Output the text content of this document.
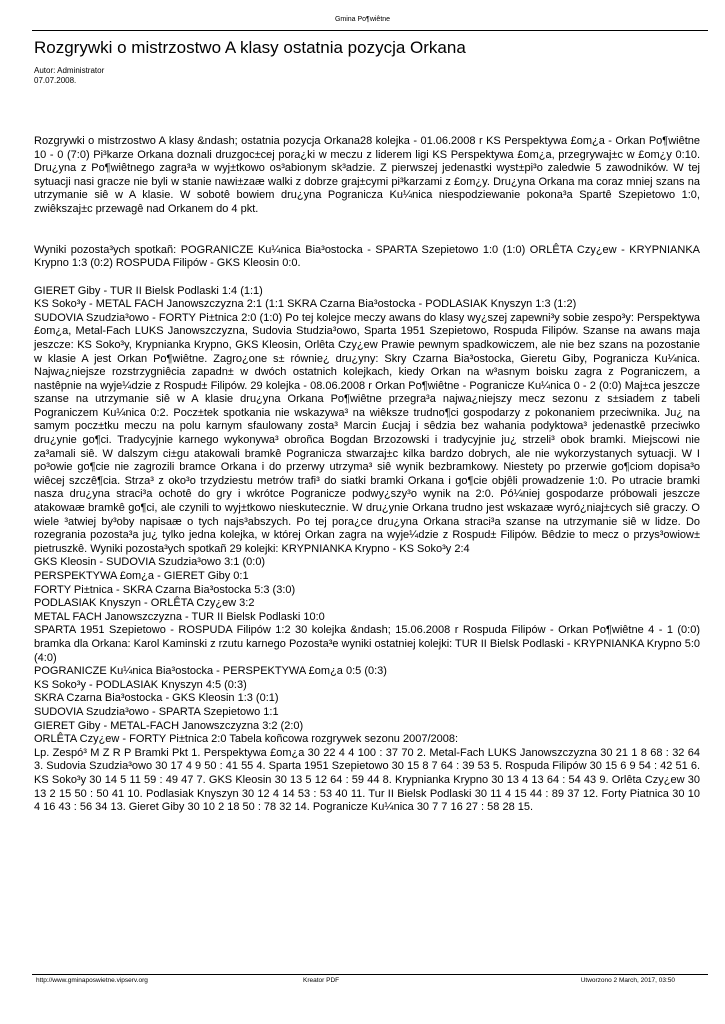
Gmina Po¶wiêtne
Rozgrywki o mistrzostwo A klasy ostatnia pozycja Orkana
Autor: Administrator
07.07.2008.

Rozgrywki o mistrzostwo A klasy &ndash; ostatnia pozycja Orkana28 kolejka - 01.06.2008 r KS Perspektywa £om¿a - Orkan Po¶wiêtne 10 - 0 (7:0) Pi³karze Orkana doznali druzgoc±cej pora¿ki w meczu z liderem ligi KS Perspektywa £om¿a, przegrywaj±c w £om¿y 0:10. Dru¿yna z Po¶wiêtnego zagra³a w wyj±tkowo os³abionym sk³adzie. Z pierwszej jedenastki wyst±pi³o zaledwie 5 zawodników. W tej sytuacji nasi gracze nie byli w stanie nawi±zaæ walki z dobrze graj±cymi pi³karzami z £om¿y. Dru¿yna Orkana ma coraz mniej szans na utrzymanie siê w A klasie. W sobotê bowiem dru¿yna Pogranicza Ku¼nica niespodziewanie pokona³a Spartê Szepietowo 1:0, zwiêkszaj±c przewagê nad Orkanem do 4 pkt.

Wyniki pozosta³ych spotkañ: POGRANICZE Ku¼nica Bia³ostocka - SPARTA Szepietowo 1:0 (1:0) ORLÊTA Czy¿ew - KRYPNIANKA Krypno 1:3 (0:2) ROSPUDA Filipów - GKS Kleosin 0:0.

GIERET Giby - TUR II Bielsk Podlaski 1:4 (1:1)

KS Soko³y - METAL FACH Janowszczyzna 2:1 (1:1 SKRA Czarna Bia³ostocka - PODLASIAK Knyszyn 1:3 (1:2)

SUDOVIA Szudzia³owo - FORTY Pi±tnica 2:0 (1:0) Po tej kolejce meczy awans do klasy wy¿szej zapewni³y sobie zespo³y: Perspektywa £om¿a, Metal-Fach LUKS Janowszczyzna, Sudovia Studzia³owo, Sparta 1951 Szepietowo, Rospuda Filipów. Szanse na awans maja jeszcze: KS Soko³y, Krypnianka Krypno, GKS Kleosin, Orlêta Czy¿ew Prawie pewnym spadkowiczem, ale nie bez szans na pozostanie w klasie A jest Orkan Po¶wiêtne. Zagro¿one s± równie¿ dru¿yny: Skry Czarna Bia³ostocka, Gieretu Giby, Pogranicza Ku¼nica. Najwa¿niejsze rozstrzygniêcia zapadn± w dwóch ostatnich kolejkach, kiedy Orkan na w³asnym boisku zagra z Pograniczem, a nastêpnie na wyje¼dzie z Rospud± Filipów. 29 kolejka - 08.06.2008 r Orkan Po¶wiêtne - Pogranicze Ku¼nica 0 - 2 (0:0) Maj±ca jeszcze szanse na utrzymanie siê w A klasie dru¿yna Orkana Po¶wiêtne przegra³a najwa¿niejszy mecz sezonu z s±siadem z tabeli Pograniczem Ku¼nica 0:2. Pocz±tek spotkania nie wskazywa³ na wiêksze trudno¶ci gospodarzy z pokonaniem przeciwnika. Ju¿ na samym pocz±tku meczu na polu karnym sfaulowany zosta³ Marcin £ucjaj i sêdzia bez wahania podyktowa³ jedenastkê przeciwko dru¿ynie go¶ci. Tradycyjnie karnego wykonywa³ obroñca Bogdan Brzozowski i tradycyjnie ju¿ strzeli³ obok bramki. Miejscowi nie za³amali siê. W dalszym ci±gu atakowali bramkê Pogranicza stwarzaj±c kilka bardzo dobrych, ale nie wykorzystanych sytuacji. W I po³owie go¶cie nie zagrozili bramce Orkana i do przerwy utrzyma³ siê wynik bezbramkowy. Niestety po przerwie go¶ciom dopisa³o wiêcej szczê¶cia. Strza³ z oko³o trzydziestu metrów trafi³ do siatki bramki Orkana i go¶cie objêli prowadzenie 1:0. Po utracie bramki nasza dru¿yna straci³a ochotê do gry i wkrótce Pogranicze podwy¿szy³o wynik na 2:0. Pó¼niej gospodarze próbowali jeszcze atakowaæ bramkê go¶ci, ale czynili to wyj±tkowo nieskutecznie. W dru¿ynie Orkana trudno jest wskazaæ wyró¿niaj±cych siê graczy. O wiele ³atwiej by³oby napisaæ o tych najs³abszych. Po tej pora¿ce dru¿yna Orkana straci³a szanse na utrzymanie siê w lidze. Do rozegrania pozosta³a ju¿ tylko jedna kolejka, w której Orkan zagra na wyje¼dzie z Rospud± Filipów. Bêdzie to mecz o przys³owiow± pietruszkê. Wyniki pozosta³ych spotkañ 29 kolejki: KRYPNIANKA Krypno - KS Soko³y 2:4

GKS Kleosin - SUDOVIA Szudzia³owo 3:1 (0:0)

PERSPEKTYWA £om¿a - GIERET Giby 0:1

FORTY Pi±tnica - SKRA Czarna Bia³ostocka 5:3 (3:0)

PODLASIAK Knyszyn - ORLÊTA Czy¿ew 3:2

METAL FACH Janowszczyzna - TUR II Bielsk Podlaski 10:0

SPARTA 1951 Szepietowo - ROSPUDA Filipów 1:2 30 kolejka &ndash; 15.06.2008 r Rospuda Filipów - Orkan Po¶wiêtne 4 - 1 (0:0) bramka dla Orkana: Karol Kaminski z rzutu karnego Pozosta³e wyniki ostatniej kolejki: TUR II Bielsk Podlaski - KRYPNIANKA Krypno 5:0 (4:0)

POGRANICZE Ku¼nica Bia³ostocka - PERSPEKTYWA £om¿a 0:5 (0:3)

KS Soko³y - PODLASIAK Knyszyn 4:5 (0:3)

SKRA Czarna Bia³ostocka - GKS Kleosin 1:3 (0:1)

SUDOVIA Szudzia³owo - SPARTA Szepietowo 1:1

GIERET Giby - METAL-FACH Janowszczyzna 3:2 (2:0)

ORLÊTA Czy¿ew - FORTY Pi±tnica 2:0 Tabela koñcowa rozgrywek sezonu 2007/2008:

Lp. Zespó³ M Z R P Bramki Pkt 1. Perspektywa £om¿a 30 22 4 4 100 : 37 70 2. Metal-Fach LUKS Janowszczyzna 30 21 1 8 68 : 32 64 3. Sudovia Szudzia³owo 30 17 4 9 50 : 41 55 4. Sparta 1951 Szepietowo 30 15 8 7 64 : 39 53 5. Rospuda Filipów 30 15 6 9 54 : 42 51 6. KS Soko³y 30 14 5 11 59 : 49 47 7. GKS Kleosin 30 13 5 12 64 : 59 44 8. Krypnianka Krypno 30 13 4 13 64 : 54 43 9. Orlêta Czy¿ew 30 13 2 15 50 : 50 41 10. Podlasiak Knyszyn 30 12 4 14 53 : 53 40 11. Tur II Bielsk Podlaski 30 11 4 15 44 : 89 37 12. Forty Piatnica 30 10 4 16 43 : 56 34 13. Gieret Giby 30 10 2 18 50 : 78 32 14. Pogranicze Ku¼nica 30 7 7 16 27 : 58 28 15.

http://www.gminaposwietne.vipserv.org	Kreator PDF	Utworzono 2 March, 2017, 03:50
